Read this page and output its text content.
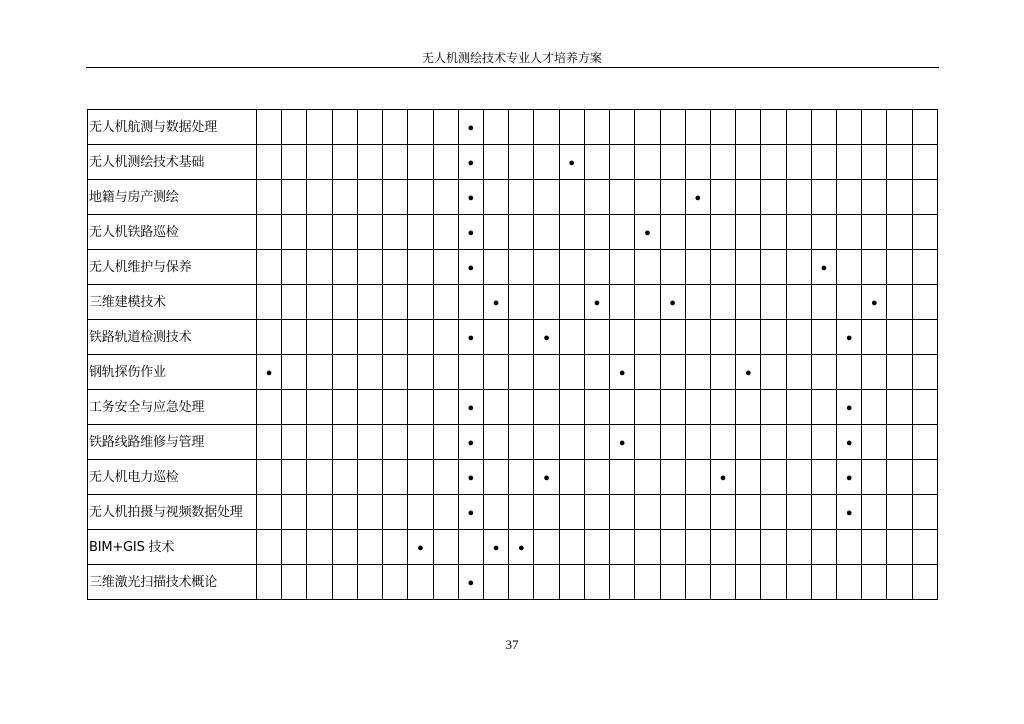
无人机测绘技术专业人才培养方案
无人机航测与数据处理									●																		
无人机测绘技术基础									●				●														
地籍与房产测绘									●									●									
无人机铁路巡检									●							●											
无人机维护与保养									●														●				
三维建模技术										●				●			●								●		
铁路轨道检测技术									●			●												●			
钢轨探伤作业	●														●					●							
工务安全与应急处理									●															●			
铁路线路维修与管理									●						●									●			
无人机电力巡检									●			●							●					●			
无人机拍摄与视频数据处理									●															●			
BIM+GIS 技术							●			●	●																
三维激光扫描技术概论									●																		
37
